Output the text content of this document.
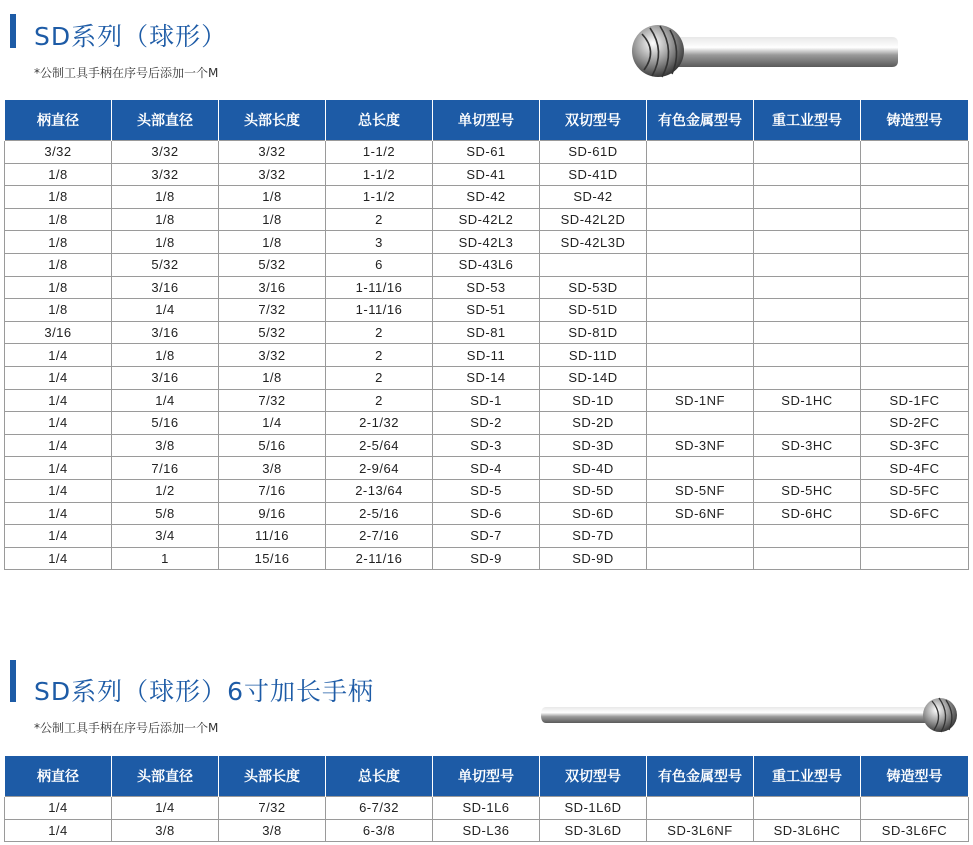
SD系列（球形）
*公制工具手柄在序号后添加一个M
柄直径	头部直径	头部长度	总长度	单切型号	双切型号	有色金属型号	重工业型号	铸造型号
3/32	3/32	3/32	1-1/2	SD-61	SD-61D			
1/8	3/32	3/32	1-1/2	SD-41	SD-41D			
1/8	1/8	1/8	1-1/2	SD-42	SD-42			
1/8	1/8	1/8	2	SD-42L2	SD-42L2D			
1/8	1/8	1/8	3	SD-42L3	SD-42L3D			
1/8	5/32	5/32	6	SD-43L6				
1/8	3/16	3/16	1-11/16	SD-53	SD-53D			
1/8	1/4	7/32	1-11/16	SD-51	SD-51D			
3/16	3/16	5/32	2	SD-81	SD-81D			
1/4	1/8	3/32	2	SD-11	SD-11D			
1/4	3/16	1/8	2	SD-14	SD-14D			
1/4	1/4	7/32	2	SD-1	SD-1D	SD-1NF	SD-1HC	SD-1FC
1/4	5/16	1/4	2-1/32	SD-2	SD-2D			SD-2FC
1/4	3/8	5/16	2-5/64	SD-3	SD-3D	SD-3NF	SD-3HC	SD-3FC
1/4	7/16	3/8	2-9/64	SD-4	SD-4D			SD-4FC
1/4	1/2	7/16	2-13/64	SD-5	SD-5D	SD-5NF	SD-5HC	SD-5FC
1/4	5/8	9/16	2-5/16	SD-6	SD-6D	SD-6NF	SD-6HC	SD-6FC
1/4	3/4	11/16	2-7/16	SD-7	SD-7D			
1/4	1	15/16	2-11/16	SD-9	SD-9D			
SD系列（球形）6寸加长手柄
*公制工具手柄在序号后添加一个M
柄直径	头部直径	头部长度	总长度	单切型号	双切型号	有色金属型号	重工业型号	铸造型号
1/4	1/4	7/32	6-7/32	SD-1L6	SD-1L6D			
1/4	3/8	3/8	6-3/8	SD-L36	SD-3L6D	SD-3L6NF	SD-3L6HC	SD-3L6FC
